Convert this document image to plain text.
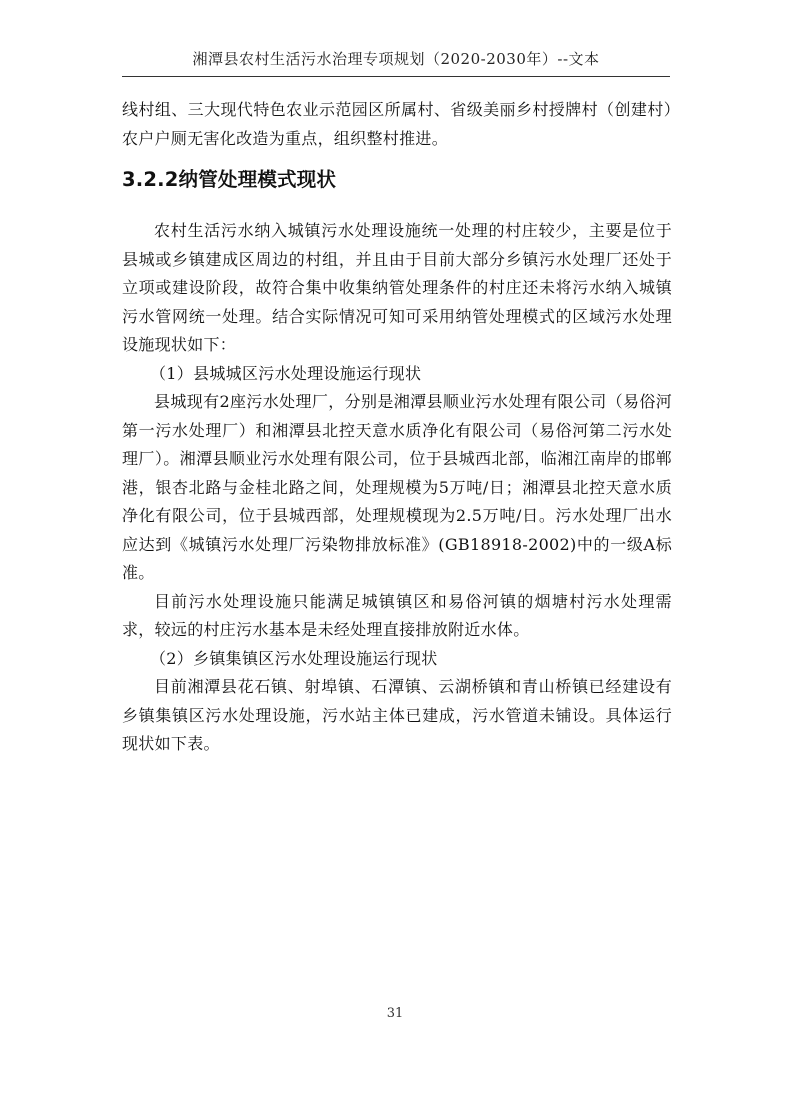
湘潭县农村生活污水治理专项规划（2020-2030年）--文本

线村组、三大现代特色农业示范园区所属村、省级美丽乡村授牌村（创建村）农户户厕无害化改造为重点，组织整村推进。

3.2.2纳管处理模式现状

农村生活污水纳入城镇污水处理设施统一处理的村庄较少，主要是位于县城或乡镇建成区周边的村组，并且由于目前大部分乡镇污水处理厂还处于立项或建设阶段，故符合集中收集纳管处理条件的村庄还未将污水纳入城镇污水管网统一处理。结合实际情况可知可采用纳管处理模式的区域污水处理设施现状如下：

（1）县城城区污水处理设施运行现状

县城现有2座污水处理厂，分别是湘潭县顺业污水处理有限公司（易俗河第一污水处理厂）和湘潭县北控天意水质净化有限公司（易俗河第二污水处理厂）。湘潭县顺业污水处理有限公司，位于县城西北部，临湘江南岸的邯郸港，银杏北路与金桂北路之间，处理规模为5万吨/日；湘潭县北控天意水质净化有限公司，位于县城西部，处理规模现为2.5万吨/日。污水处理厂出水应达到《城镇污水处理厂污染物排放标准》(GB18918-2002)中的一级A标准。

目前污水处理设施只能满足城镇镇区和易俗河镇的烟塘村污水处理需求，较远的村庄污水基本是未经处理直接排放附近水体。

（2）乡镇集镇区污水处理设施运行现状

目前湘潭县花石镇、射埠镇、石潭镇、云湖桥镇和青山桥镇已经建设有乡镇集镇区污水处理设施，污水站主体已建成，污水管道未铺设。具体运行现状如下表。

31
